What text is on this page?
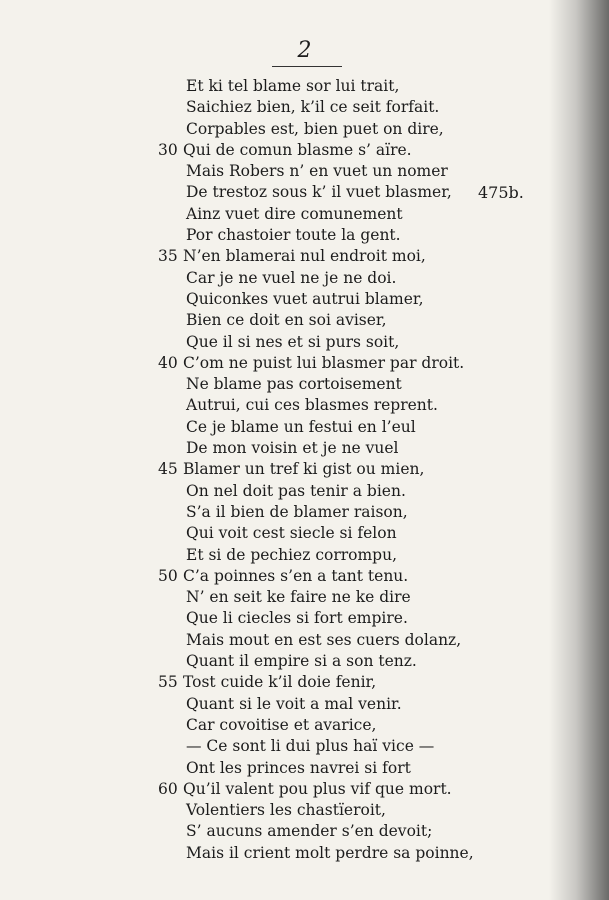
2
Et ki tel blame sor lui trait,
Saichiez bien, k’il ce seit forfait.
Corpables est, bien puet on dire,
30 Qui de comun blasme s’ aïre.
Mais Robers n’ en vuet un nomer
De trestoz sous k’ il vuet blasmer, 475b.
Ainz vuet dire comunement
Por chastoier toute la gent.
35 N’en blamerai nul endroit moi,
Car je ne vuel ne je ne doi.
Quiconkes vuet autrui blamer,
Bien ce doit en soi aviser,
Que il si nes et si purs soit,
40 C’om ne puist lui blasmer par droit.
Ne blame pas cortoisement
Autrui, cui ces blasmes reprent.
Ce je blame un festui en l’eul
De mon voisin et je ne vuel
45 Blamer un tref ki gist ou mien,
On nel doit pas tenir a bien.
S’a il bien de blamer raison,
Qui voit cest siecle si felon
Et si de pechiez corrompu,
50 C’a poinnes s’en a tant tenu.
N’ en seit ke faire ne ke dire
Que li ciecles si fort empire.
Mais mout en est ses cuers dolanz,
Quant il empire si a son tenz.
55 Tost cuide k’il doie fenir,
Quant si le voit a mal venir.
Car covoitise et avarice,
— Ce sont li dui plus haï vice —
Ont les princes navrei si fort
60 Qu’il valent pou plus vif que mort.
Volentiers les chastïeroit,
S’ aucuns amender s’en devoit;
Mais il crient molt perdre sa poinne,
